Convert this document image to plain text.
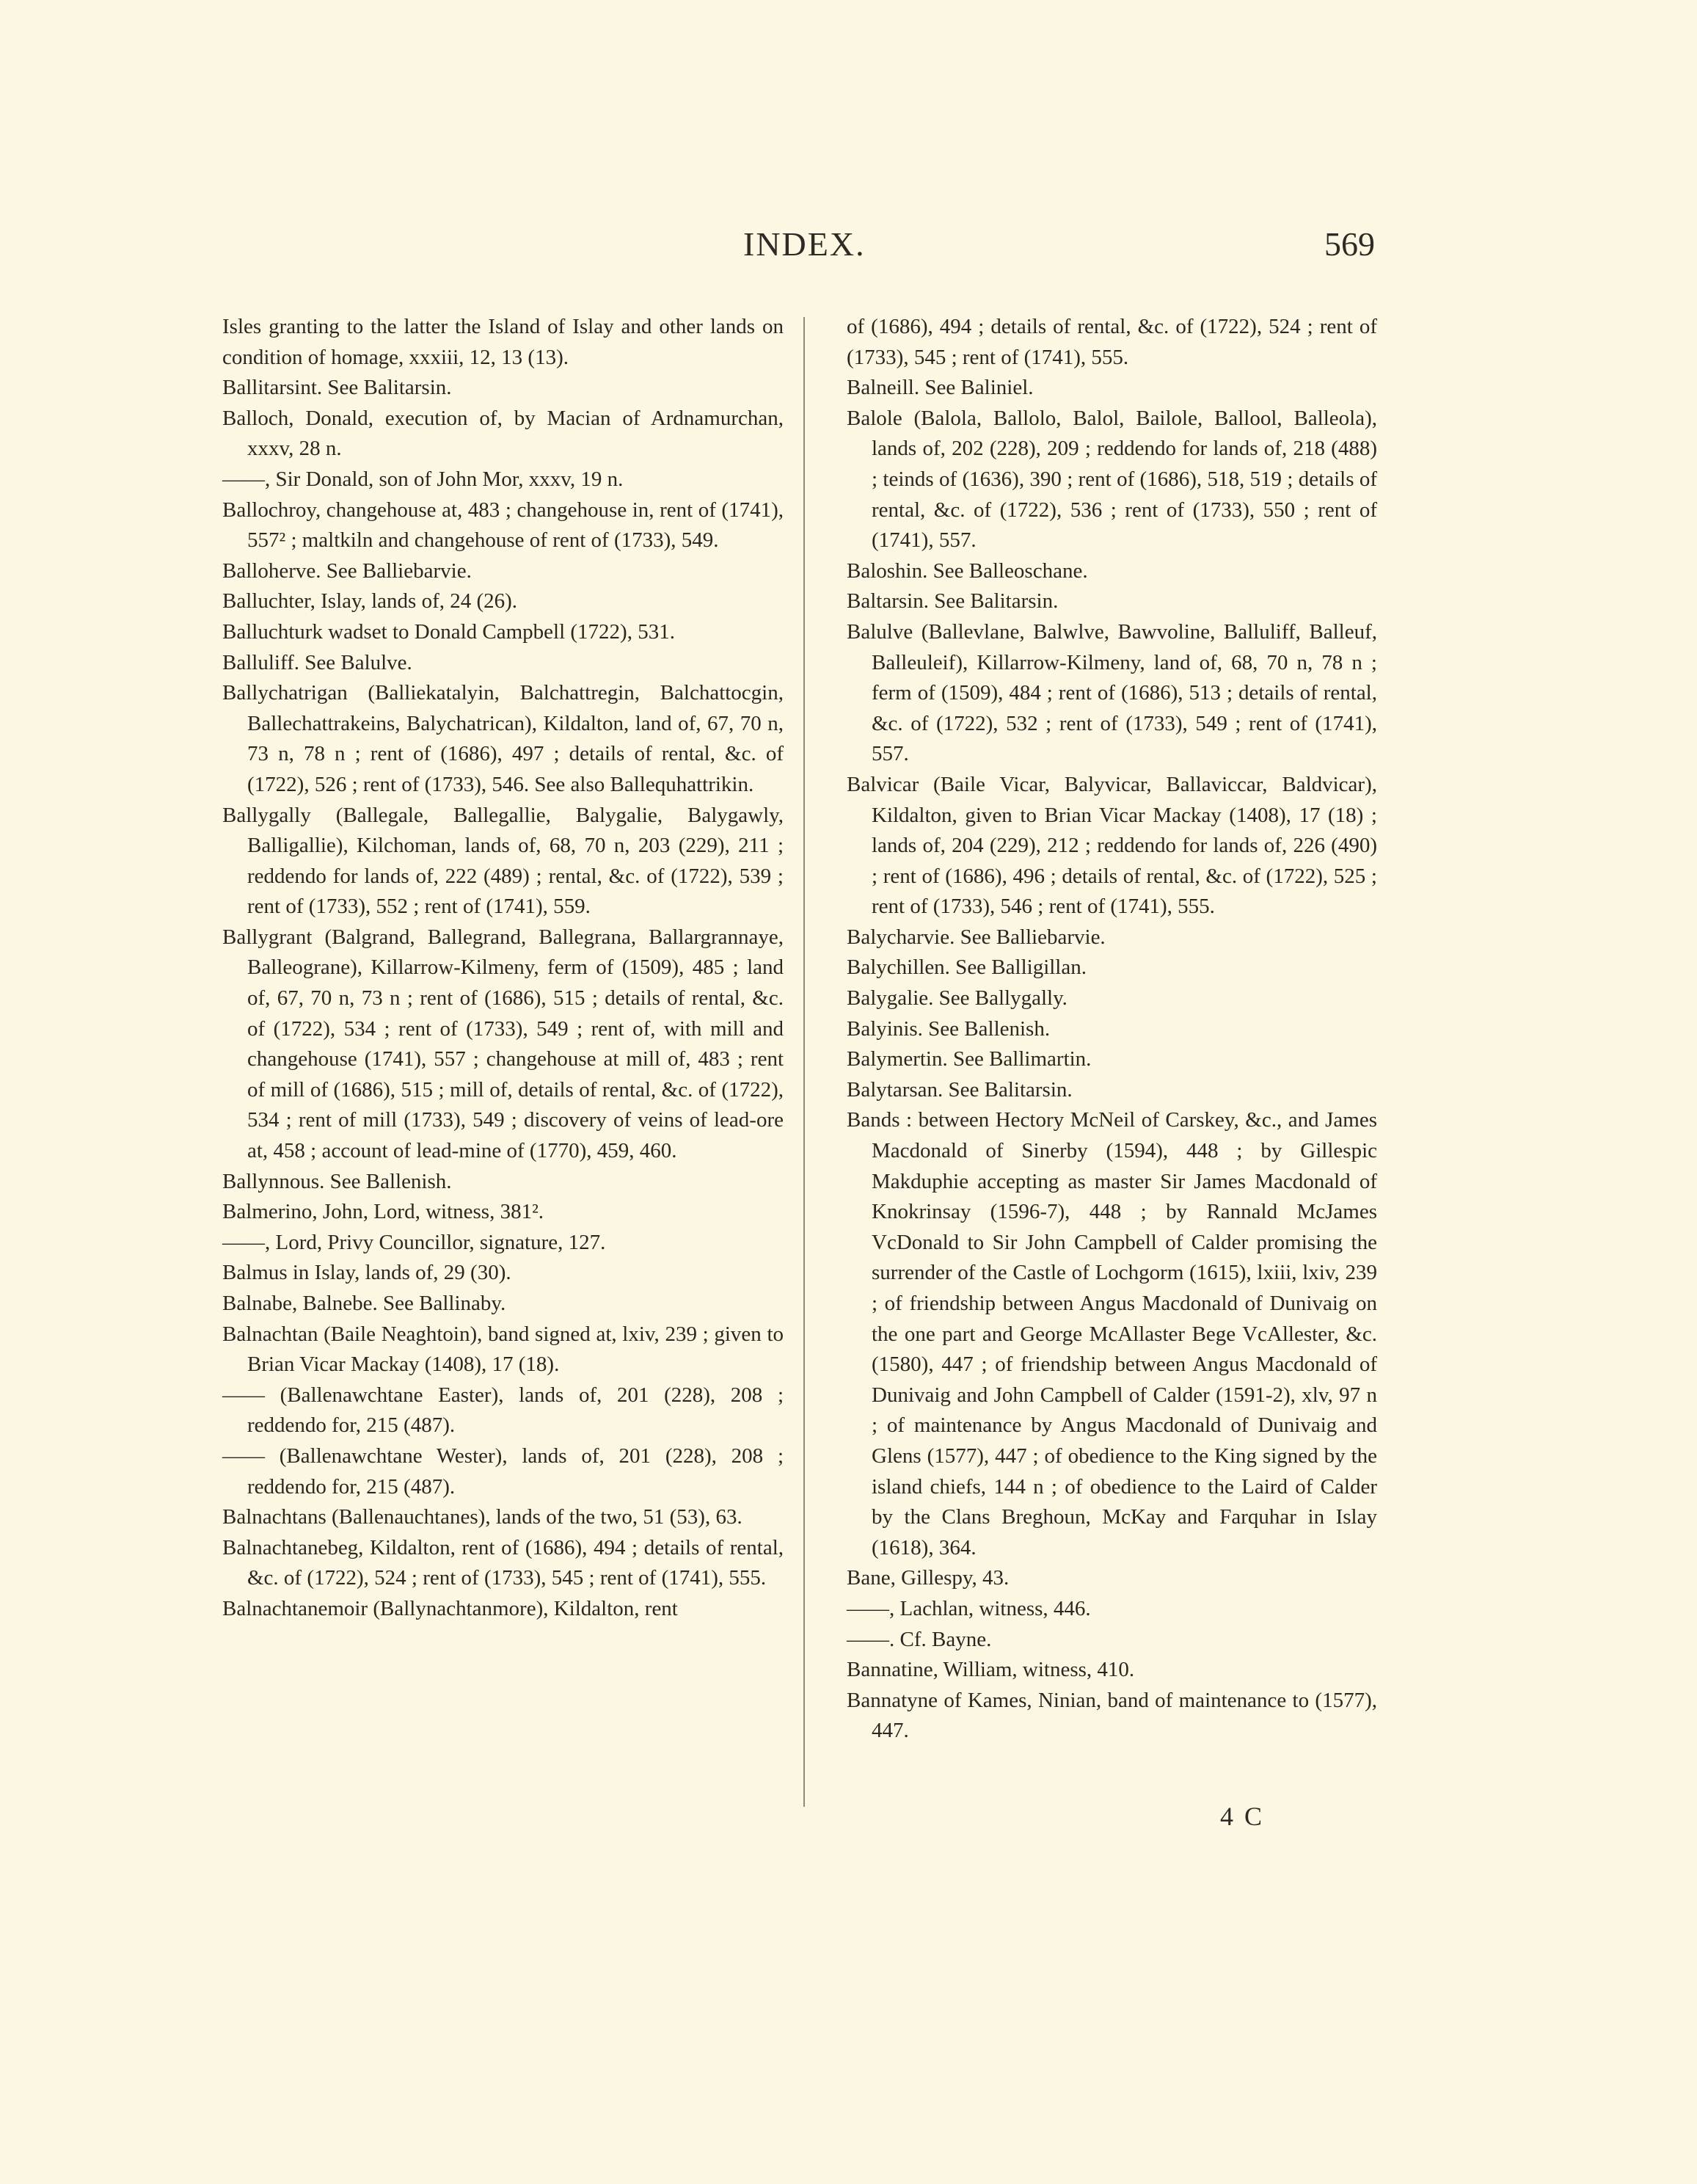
INDEX.	569

Isles granting to the latter the Island of Islay and other lands on condition of homage, xxxiii, 12, 13 (13).

Ballitarsint. See Balitarsin.

Balloch, Donald, execution of, by Macian of Ardnamurchan, xxxv, 28 n.

——, Sir Donald, son of John Mor, xxxv, 19 n.

Ballochroy, changehouse at, 483 ; changehouse in, rent of (1741), 557² ; maltkiln and changehouse of rent of (1733), 549.

Balloherve. See Balliebarvie.

Balluchter, Islay, lands of, 24 (26).

Balluchturk wadset to Donald Campbell (1722), 531.

Balluliff. See Balulve.

Ballychatrigan (Balliekatalyin, Balchattregin, Balchattocgin, Ballechattrakeins, Balychatrican), Kildalton, land of, 67, 70 n, 73 n, 78 n ; rent of (1686), 497 ; details of rental, &c. of (1722), 526 ; rent of (1733), 546. See also Ballequhattrikin.

Ballygally (Ballegale, Ballegallie, Balygalie, Balygawly, Balligallie), Kilchoman, lands of, 68, 70 n, 203 (229), 211 ; reddendo for lands of, 222 (489) ; rental, &c. of (1722), 539 ; rent of (1733), 552 ; rent of (1741), 559.

Ballygrant (Balgrand, Ballegrand, Ballegrana, Ballargrannaye, Balleograne), Killarrow-Kilmeny, ferm of (1509), 485 ; land of, 67, 70 n, 73 n ; rent of (1686), 515 ; details of rental, &c. of (1722), 534 ; rent of (1733), 549 ; rent of, with mill and changehouse (1741), 557 ; changehouse at mill of, 483 ; rent of mill of (1686), 515 ; mill of, details of rental, &c. of (1722), 534 ; rent of mill (1733), 549 ; discovery of veins of lead-ore at, 458 ; account of lead-mine of (1770), 459, 460.

Ballynnous. See Ballenish.

Balmerino, John, Lord, witness, 381².

——, Lord, Privy Councillor, signature, 127.

Balmus in Islay, lands of, 29 (30).

Balnabe, Balnebe. See Ballinaby.

Balnachtan (Baile Neaghtoin), band signed at, lxiv, 239 ; given to Brian Vicar Mackay (1408), 17 (18).

—— (Ballenawchtane Easter), lands of, 201 (228), 208 ; reddendo for, 215 (487).

—— (Ballenawchtane Wester), lands of, 201 (228), 208 ; reddendo for, 215 (487).

Balnachtans (Ballenauchtanes), lands of the two, 51 (53), 63.

Balnachtanebeg, Kildalton, rent of (1686), 494 ; details of rental, &c. of (1722), 524 ; rent of (1733), 545 ; rent of (1741), 555.

Balnachtanemoir (Ballynachtanmore), Kildalton, rent

of (1686), 494 ; details of rental, &c. of (1722), 524 ; rent of (1733), 545 ; rent of (1741), 555.

Balneill. See Baliniel.

Balole (Balola, Ballolo, Balol, Bailole, Ballool, Balleola), lands of, 202 (228), 209 ; reddendo for lands of, 218 (488) ; teinds of (1636), 390 ; rent of (1686), 518, 519 ; details of rental, &c. of (1722), 536 ; rent of (1733), 550 ; rent of (1741), 557.

Baloshin. See Balleoschane.

Baltarsin. See Balitarsin.

Balulve (Ballevlane, Balwlve, Bawvoline, Balluliff, Balleuf, Balleuleif), Killarrow-Kilmeny, land of, 68, 70 n, 78 n ; ferm of (1509), 484 ; rent of (1686), 513 ; details of rental, &c. of (1722), 532 ; rent of (1733), 549 ; rent of (1741), 557.

Balvicar (Baile Vicar, Balyvicar, Ballaviccar, Baldvicar), Kildalton, given to Brian Vicar Mackay (1408), 17 (18) ; lands of, 204 (229), 212 ; reddendo for lands of, 226 (490) ; rent of (1686), 496 ; details of rental, &c. of (1722), 525 ; rent of (1733), 546 ; rent of (1741), 555.

Balycharvie. See Balliebarvie.

Balychillen. See Balligillan.

Balygalie. See Ballygally.

Balyinis. See Ballenish.

Balymertin. See Ballimartin.

Balytarsan. See Balitarsin.

Bands : between Hectory McNeil of Carskey, &c., and James Macdonald of Sinerby (1594), 448 ; by Gillespic Makduphie accepting as master Sir James Macdonald of Knokrinsay (1596-7), 448 ; by Rannald McJames VcDonald to Sir John Campbell of Calder promising the surrender of the Castle of Lochgorm (1615), lxiii, lxiv, 239 ; of friendship between Angus Macdonald of Dunivaig on the one part and George McAllaster Bege VcAllester, &c. (1580), 447 ; of friendship between Angus Macdonald of Dunivaig and John Campbell of Calder (1591-2), xlv, 97 n ; of maintenance by Angus Macdonald of Dunivaig and Glens (1577), 447 ; of obedience to the King signed by the island chiefs, 144 n ; of obedience to the Laird of Calder by the Clans Breghoun, McKay and Farquhar in Islay (1618), 364.

Bane, Gillespy, 43.

——, Lachlan, witness, 446.

——. Cf. Bayne.

Bannatine, William, witness, 410.

Bannatyne of Kames, Ninian, band of maintenance to (1577), 447.

4 C
